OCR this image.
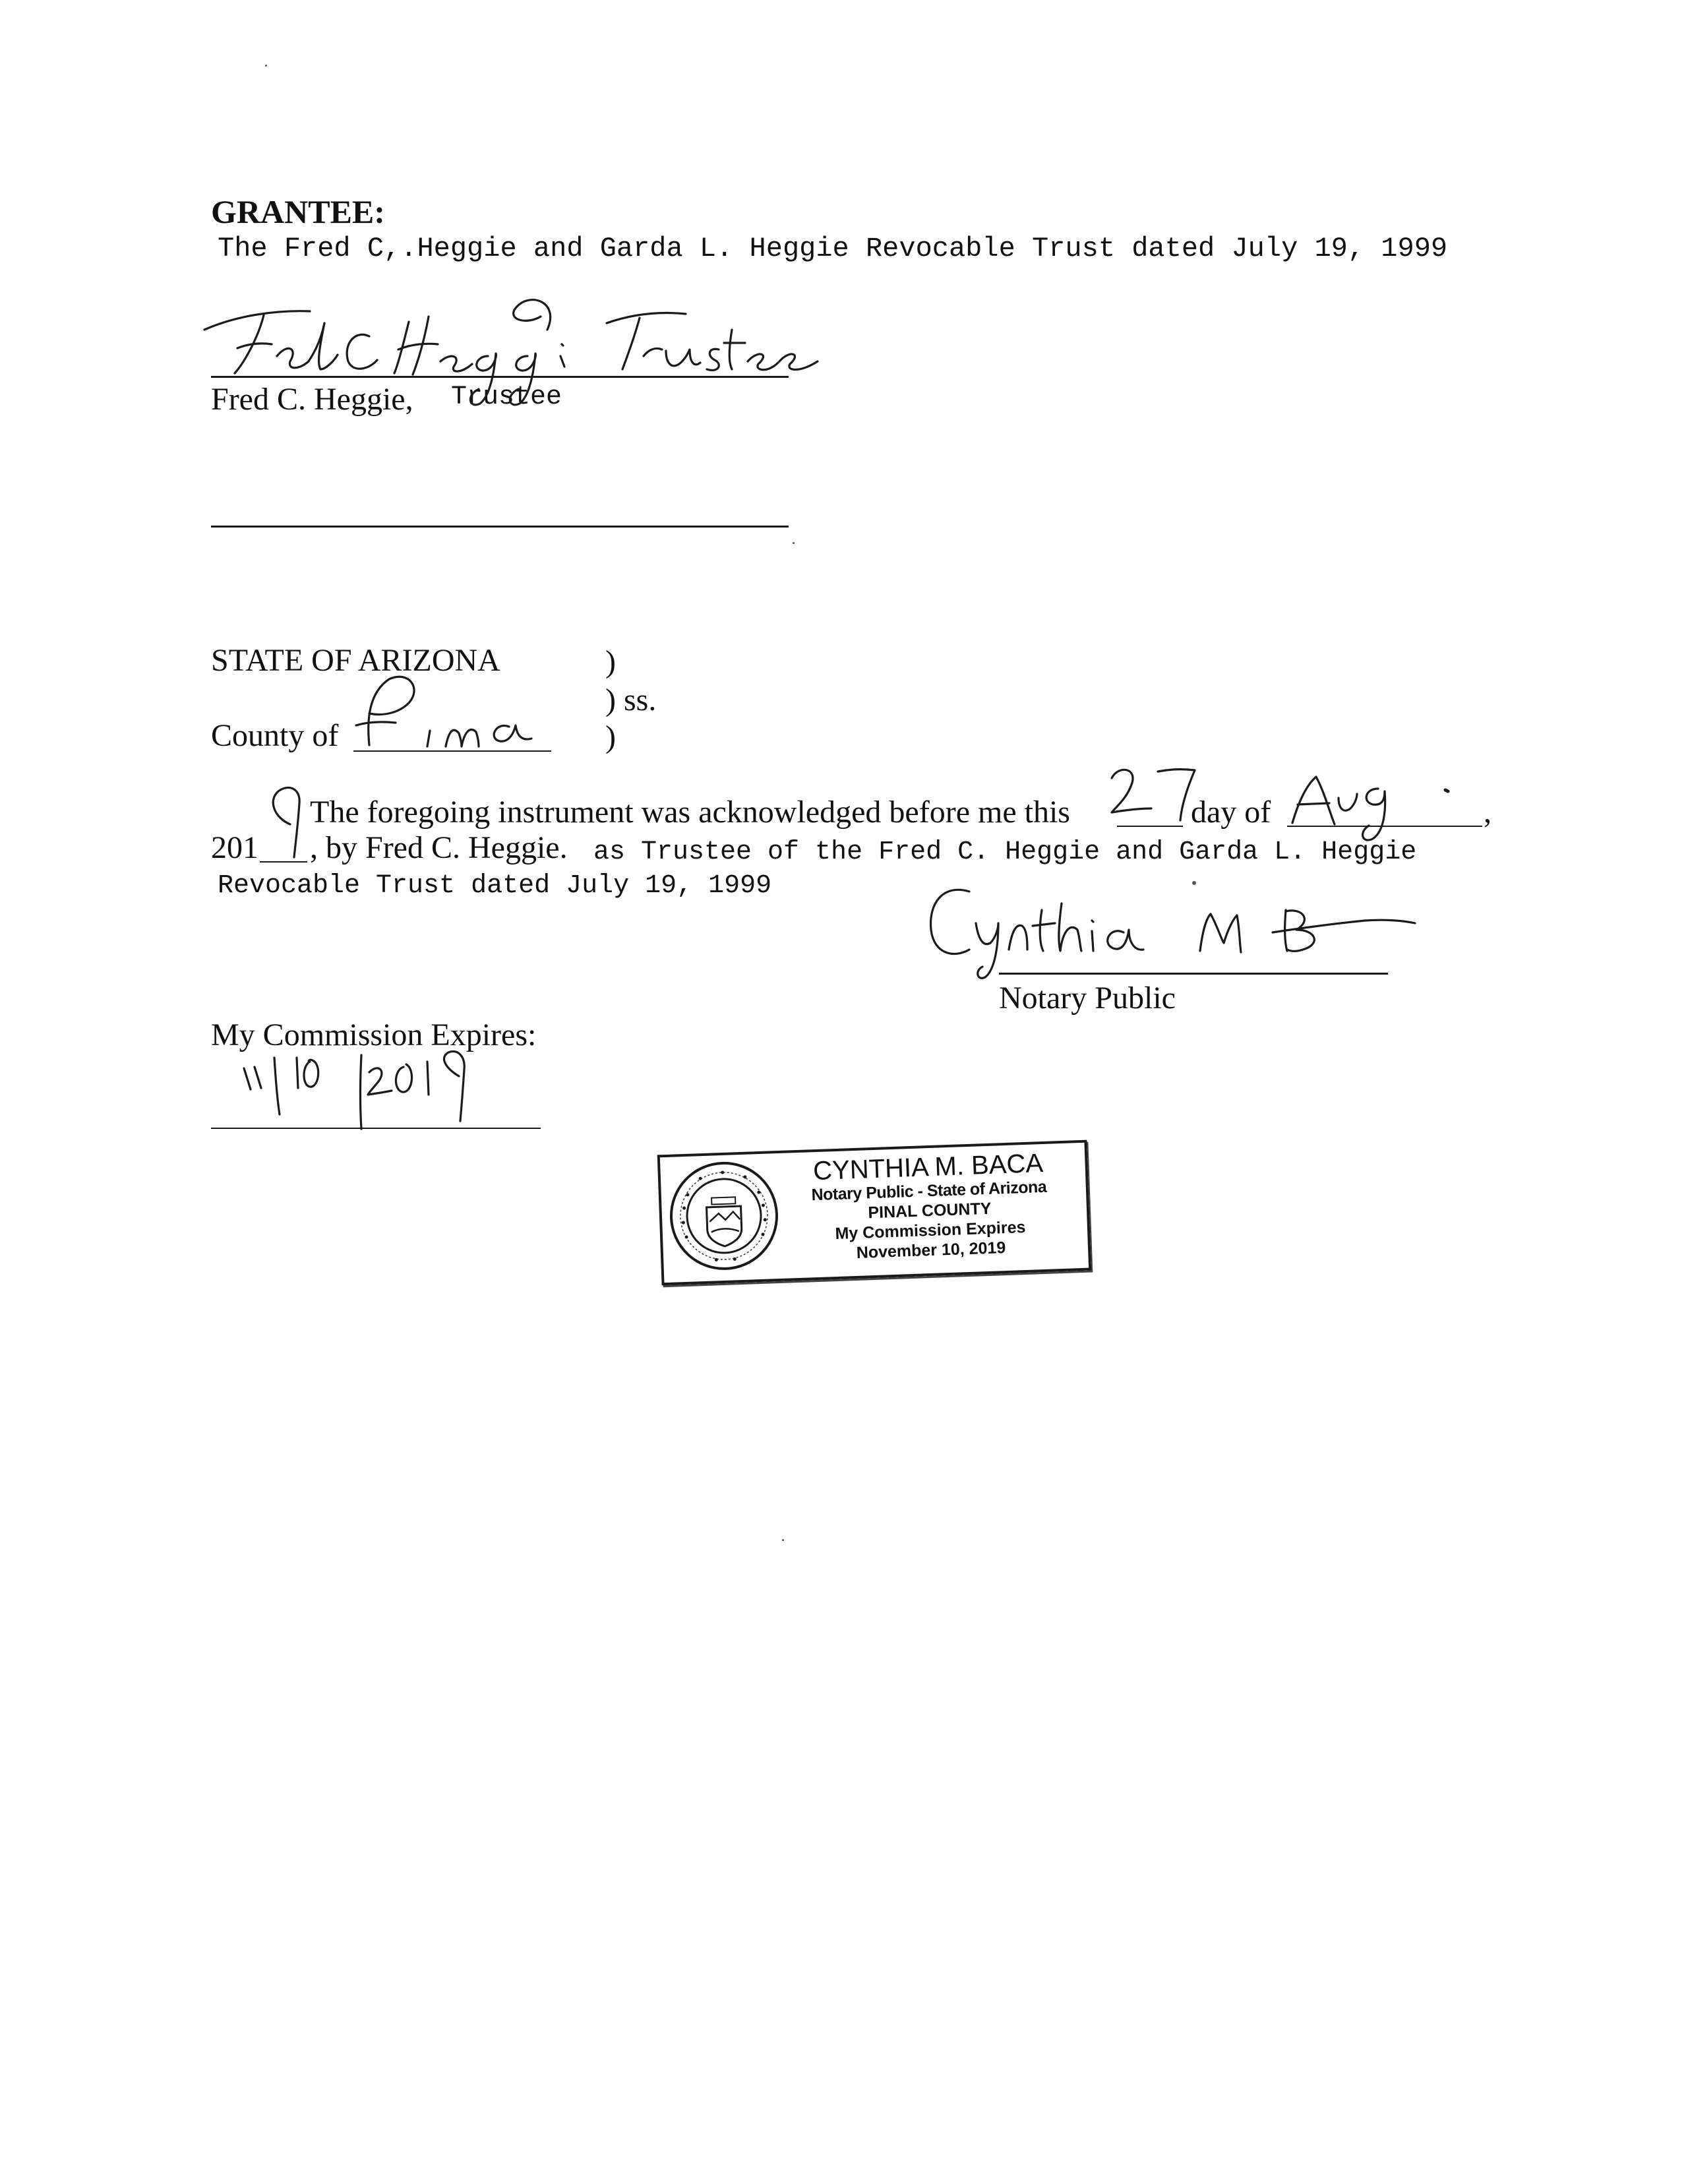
GRANTEE:
The Fred C,.Heggie and Garda L. Heggie Revocable Trust dated July 19, 1999
Fred C. Heggie, Trustee
STATE OF ARIZONA	)
) ss.
County of	)
The foregoing instrument was acknowledged before me this	day of	,
201 , by Fred C. Heggie. as Trustee of the Fred C. Heggie and Garda L. Heggie
Revocable Trust dated July 19, 1999
Notary Public
My Commission Expires:
CYNTHIA M. BACA
Notary Public - State of Arizona
PINAL COUNTY
My Commission Expires
November 10, 2019
